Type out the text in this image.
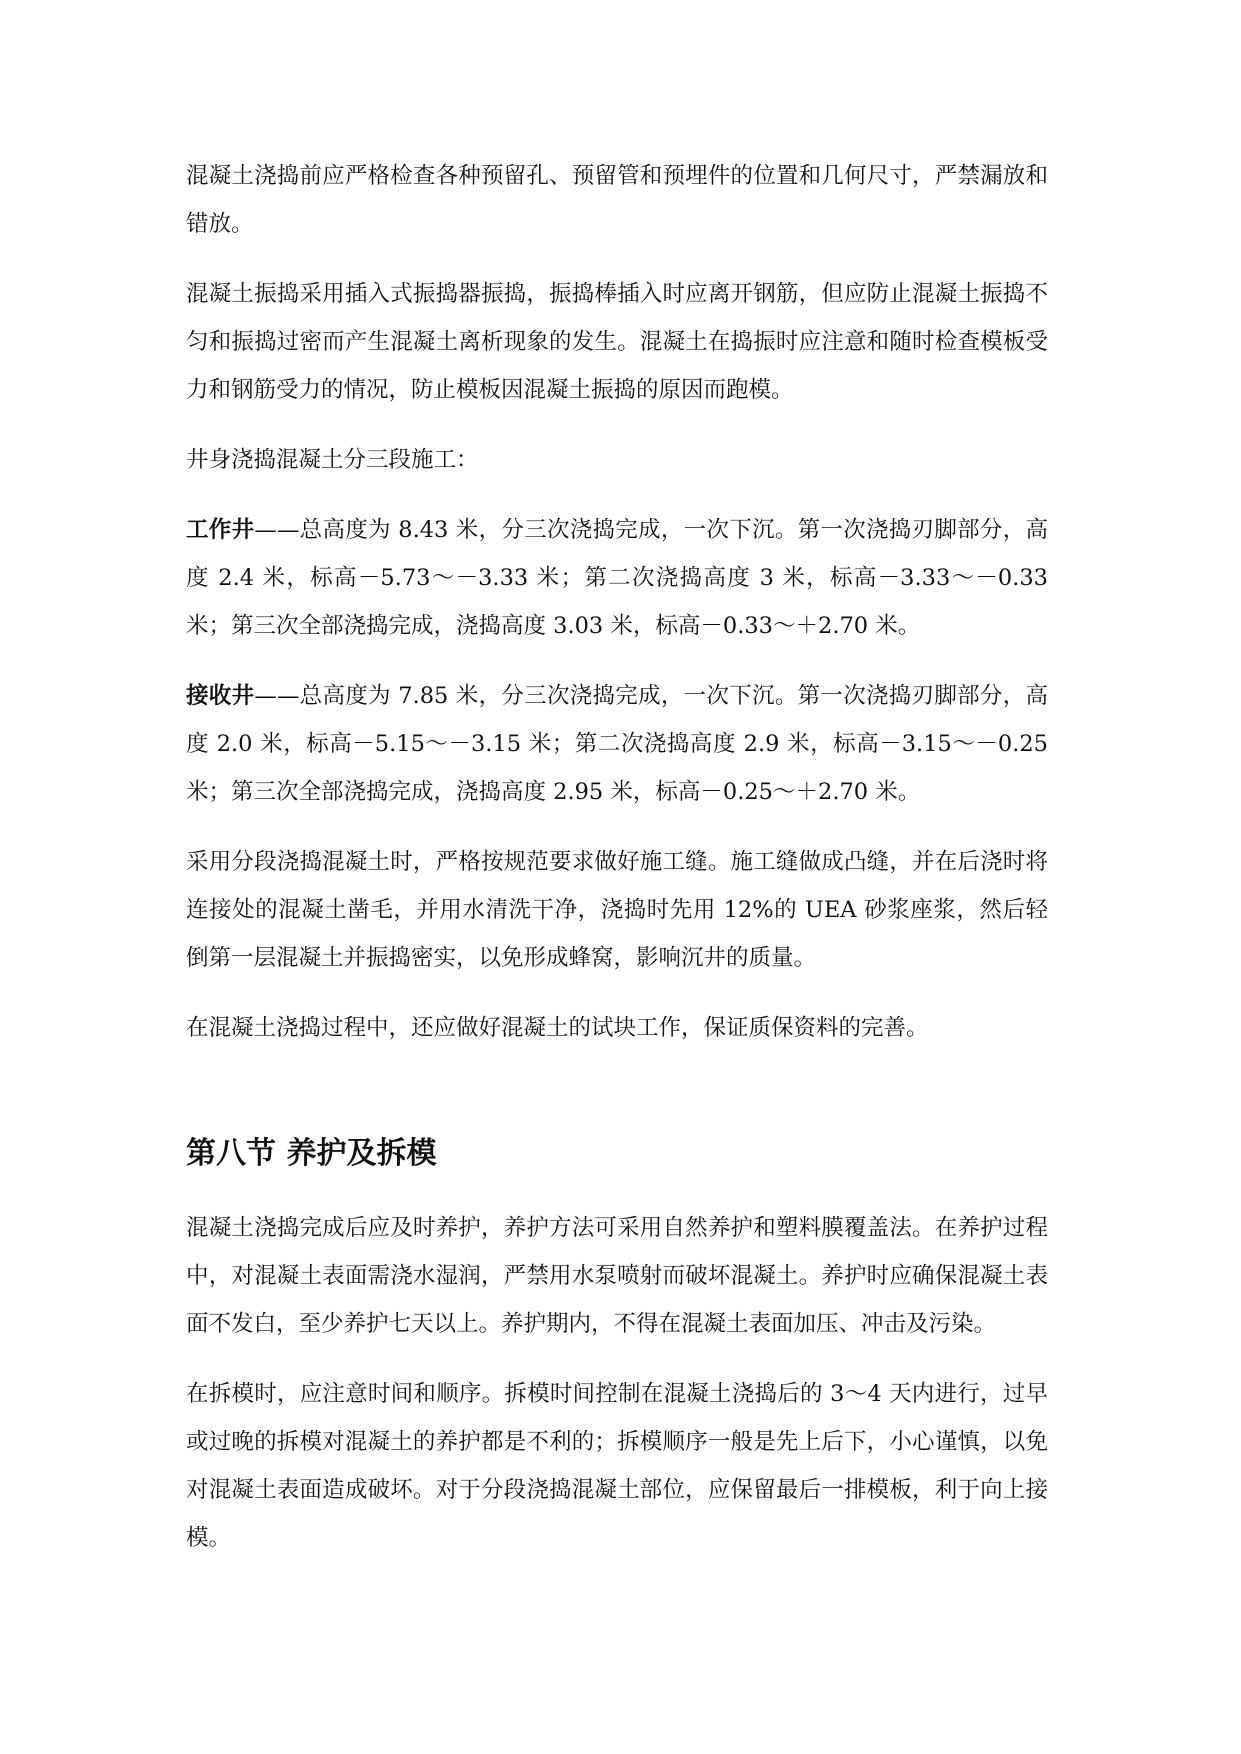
混凝土浇捣前应严格检查各种预留孔、预留管和预埋件的位置和几何尺寸，严禁漏放和错放。

混凝土振捣采用插入式振捣器振捣，振捣棒插入时应离开钢筋，但应防止混凝土振捣不匀和振捣过密而产生混凝土离析现象的发生。混凝土在捣振时应注意和随时检查模板受力和钢筋受力的情况，防止模板因混凝土振捣的原因而跑模。

井身浇捣混凝土分三段施工：

工作井——总高度为 8.43 米，分三次浇捣完成，一次下沉。第一次浇捣刃脚部分，高度 2.4 米，标高－5.73～－3.33 米；第二次浇捣高度 3 米，标高－3.33～－0.33 米；第三次全部浇捣完成，浇捣高度 3.03 米，标高－0.33～＋2.70 米。

接收井——总高度为 7.85 米，分三次浇捣完成，一次下沉。第一次浇捣刃脚部分，高度 2.0 米，标高－5.15～－3.15 米；第二次浇捣高度 2.9 米，标高－3.15～－0.25 米；第三次全部浇捣完成，浇捣高度 2.95 米，标高－0.25～＋2.70 米。

采用分段浇捣混凝土时，严格按规范要求做好施工缝。施工缝做成凸缝，并在后浇时将连接处的混凝土凿毛，并用水清洗干净，浇捣时先用 12%的 UEA 砂浆座浆，然后轻倒第一层混凝土并振捣密实，以免形成蜂窝，影响沉井的质量。

在混凝土浇捣过程中，还应做好混凝土的试块工作，保证质保资料的完善。

第八节 养护及拆模

混凝土浇捣完成后应及时养护，养护方法可采用自然养护和塑料膜覆盖法。在养护过程中，对混凝土表面需浇水湿润，严禁用水泵喷射而破坏混凝土。养护时应确保混凝土表面不发白，至少养护七天以上。养护期内，不得在混凝土表面加压、冲击及污染。

在拆模时，应注意时间和顺序。拆模时间控制在混凝土浇捣后的 3～4 天内进行，过早或过晚的拆模对混凝土的养护都是不利的；拆模顺序一般是先上后下，小心谨慎，以免对混凝土表面造成破坏。对于分段浇捣混凝土部位，应保留最后一排模板，利于向上接模。
